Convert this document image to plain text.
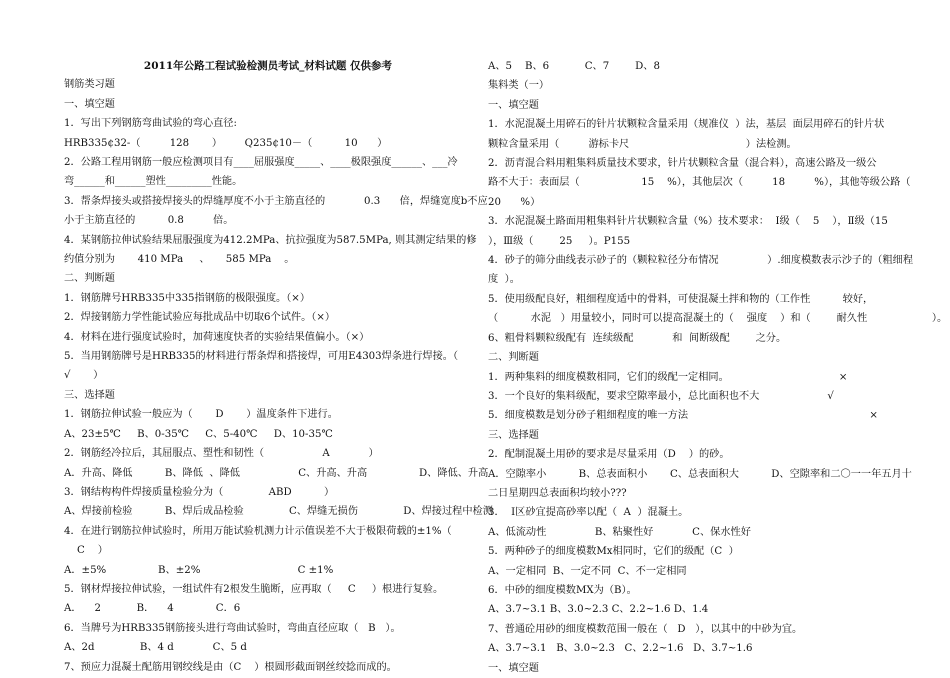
2011年公路工程试验检测员考试_材料试题 仅供参考
钢筋类习题
一、填空题
1．写出下列钢筋弯曲试验的弯心直径:
HRB335¢32-（         128       ）       Q235¢10－（          10      ）
2．公路工程用钢筋一般应检测项目有____屈服强度_____、____极限强度______、___冷
弯______和______塑性_________性能。
3．帮条焊接头或搭接焊接头的焊缝厚度不小于主筋直径的            0.3      倍，焊缝宽度b不应
小于主筋直径的          0.8         倍。
4．某钢筋拉伸试验结果屈服强度为412.2MPa、抗拉强度为587.5MPa, 则其测定结果的修
约值分别为       410 MPa     、     585 MPa    。
二、判断题
1．钢筋牌号HRB335中335指钢筋的极限强度。（×）
2．焊接钢筋力学性能试验应每批成品中切取6个试件。（×）
4．材料在进行强度试验时，加荷速度快者的实验结果值偏小。（×）
5．当用钢筋牌号是HRB335的材料进行帮条焊和搭接焊，可用E4303焊条进行焊接。（
√       ）
三、选择题
1．钢筋拉伸试验一般应为（       D       ）温度条件下进行。
A、23±5℃     B、0-35℃     C、5-40℃     D、10-35℃
2．钢筋经冷拉后，其屈服点、塑性和韧性（                  A            ）
A．升高、降低          B、降低  、降低                  C、升高、升高                D、降低、升高
3．钢结构构件焊接质量检验分为（              ABD          ）
A、焊接前检验          B、焊后成品检验              C、焊缝无损伤              D、焊接过程中检测
4．在进行钢筋拉伸试验时，所用万能试验机测力计示值误差不大于极限荷载的±1%（
C    ）
A．±5%                B、±2%                              C ±1%
5．钢材焊接拉伸试验，一组试件有2根发生脆断，应再取（     C     ）根进行复验。
A．    2           B．    4             C．6
6．当牌号为HRB335钢筋接头进行弯曲试验时，弯曲直径应取（   B   ）。
A、2d              B、4 d            C、5 d
7、预应力混凝土配筋用钢绞线是由（C    ）根圆形截面钢丝绞捻而成的。
A、5    B、6           C、7        D、8
集料类（一）
一、填空题
1．水泥混凝土用碎石的针片状颗粒含量采用（规准仪  ）法，基层  面层用碎石的针片状
颗粒含量采用（         游标卡尺                                    ）法检测。
2．沥青混合料用粗集料质量技术要求，针片状颗粒含量（混合料），高速公路及一级公
路不大于：表面层（                   15    %），其他层次（         18         %），其他等级公路（
20      %）
3．水泥混凝土路面用粗集料针片状颗粒含量（%）技术要求：  Ⅰ级（    5    ），Ⅱ级（15
），Ⅲ级（        25     ）。P155
4．砂子的筛分曲线表示砂子的（颗粒粒径分布情况               ）.细度模数表示沙子的（粗细程
度  ）。
5．使用级配良好，粗细程度适中的骨料，可使混凝土拌和物的（工作性          较好，
（          水泥   ）用量较小，同时可以提高混凝土的（    强度    ）和（        耐久性                    ）。
6、粗骨料颗粒级配有  连续级配            和  间断级配        之分。
二、判断题
1．两种集料的细度模数相同，它们的级配一定相同。                                  ×
3．一个良好的集料级配，要求空隙率最小，总比面积也不大                     √
5．细度模数是划分砂子粗细程度的唯一方法                                                        ×
三、选择题
2．配制混凝土用砂的要求是尽量采用（D    ）的砂。
A．空隙率小          B、总表面积小       C、总表面积大          D、空隙率和二〇一一年五月十
二日星期四总表面积均较小???
3．  I区砂宜提高砂率以配（  A  ）混凝土。
A、低流动性               B、粘聚性好            C、保水性好
5．两种砂子的细度模数Mx相同时，它们的级配（C  ）
A、一定相同  B、一定不同  C、不一定相同
6．中砂的细度模数MX为（B）。
A、3.7~3.1 B、3.0~2.3 C、2.2~1.6 D、1.4
7、普通砼用砂的细度模数范围一般在（   D   ），以其中的中砂为宜。
A、3.7~3.1   B、3.0~2.3   C、2.2~1.6   D、3.7~1.6
一、填空题
